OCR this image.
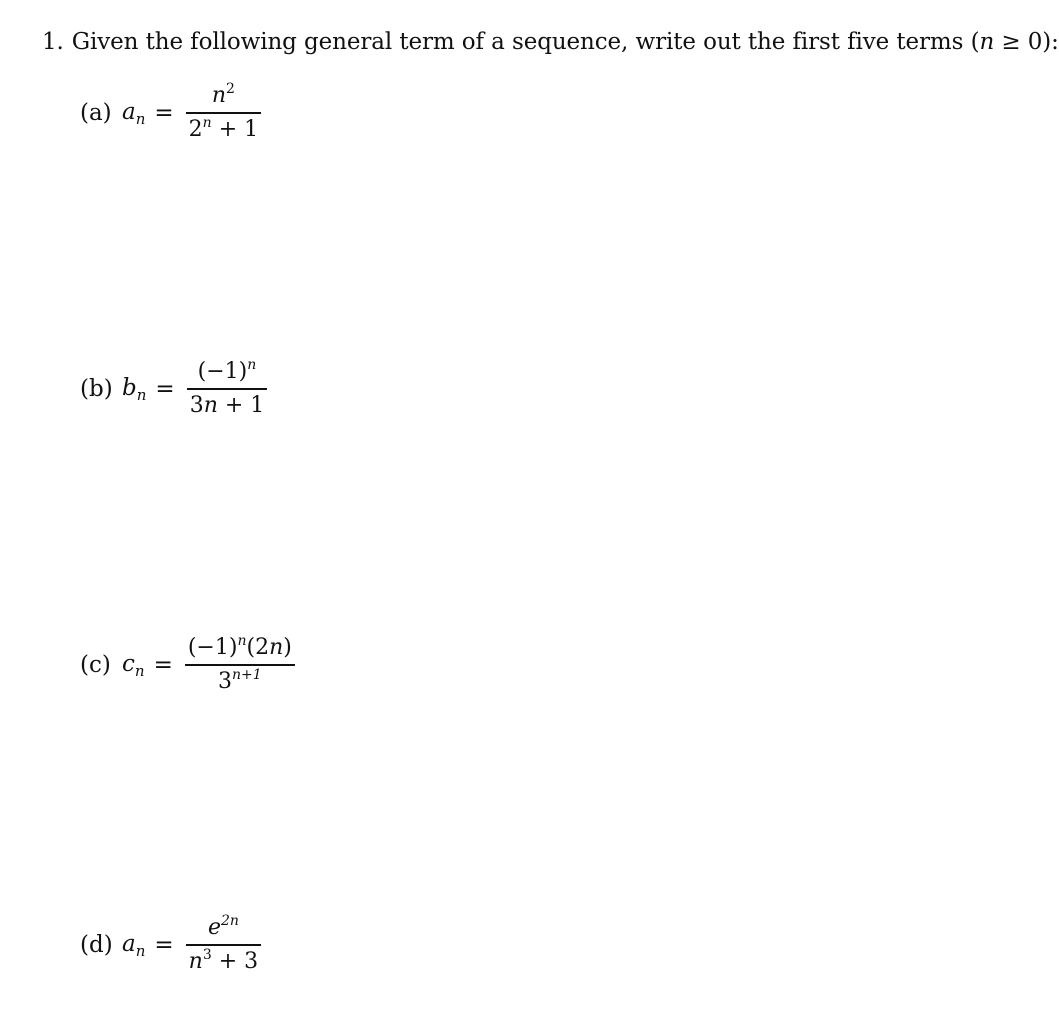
1. Given the following general term of a sequence, write out the first five terms (n ≥ 0):
(a) $a_n = \frac{n^2}{2^n + 1}$
(b) $b_n = \frac{(-1)^n}{3n + 1}$
(c) $c_n = \frac{(-1)^n(2n)}{3^{n+1}}$
(d) $a_n = \frac{e^{2n}}{n^3 + 3}$
